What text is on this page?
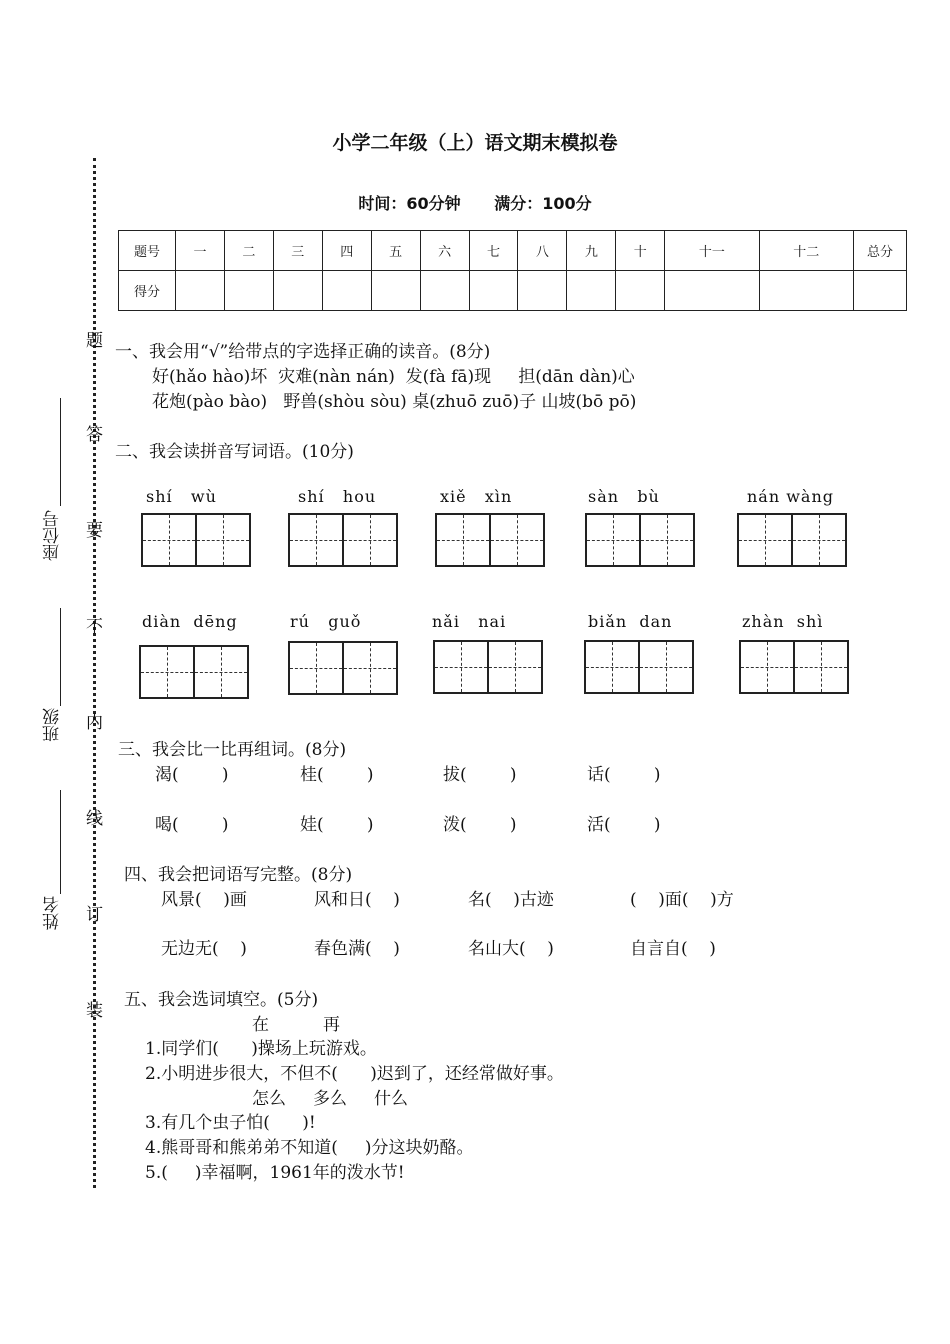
小学二年级（上）语文期末模拟卷
时间：60分钟 满分：100分
题
答
要
不
内
线
订
装
座位号
班级
姓名
题号	一	二	三	四	五	六	七	八	九	十	十一	十二	总分
得分													
一、我会用“√”给带点的字选择正确的读音。(8分)
好(hǎo hào)坏  灾难(nàn nán)  发(fà fā)现     担(dān dàn)心
花炮(pào bào)   野兽(shòu sòu) 桌(zhuō zuō)子 山坡(bō pō)
二、我会读拼音写词语。(10分)
shí   wù	shí   hou	xiě   xìn	sàn   bù	nán wàng
diàn  dēng	rú   guǒ	nǎi   nai	biǎn  dan	zhàn  shì
三、我会比一比再组词。(8分)
渴(        )	桂(        )	拔(        )	话(        )
喝(        )	娃(        )	泼(        )	活(        )
四、我会把词语写完整。(8分)
风景(    )画	风和日(    )	名(    )古迹	(    )面(    )方
无边无(    )	春色满(    )	名山大(    )	自言自(    )
五、我会选词填空。(5分)
在          再
1.同学们(      )操场上玩游戏。
2.小明进步很大，不但不(      )迟到了，还经常做好事。
怎么     多么     什么
3.有几个虫子怕(      )!
4.熊哥哥和熊弟弟不知道(     )分这块奶酪。
5.(     )幸福啊，1961年的泼水节!
